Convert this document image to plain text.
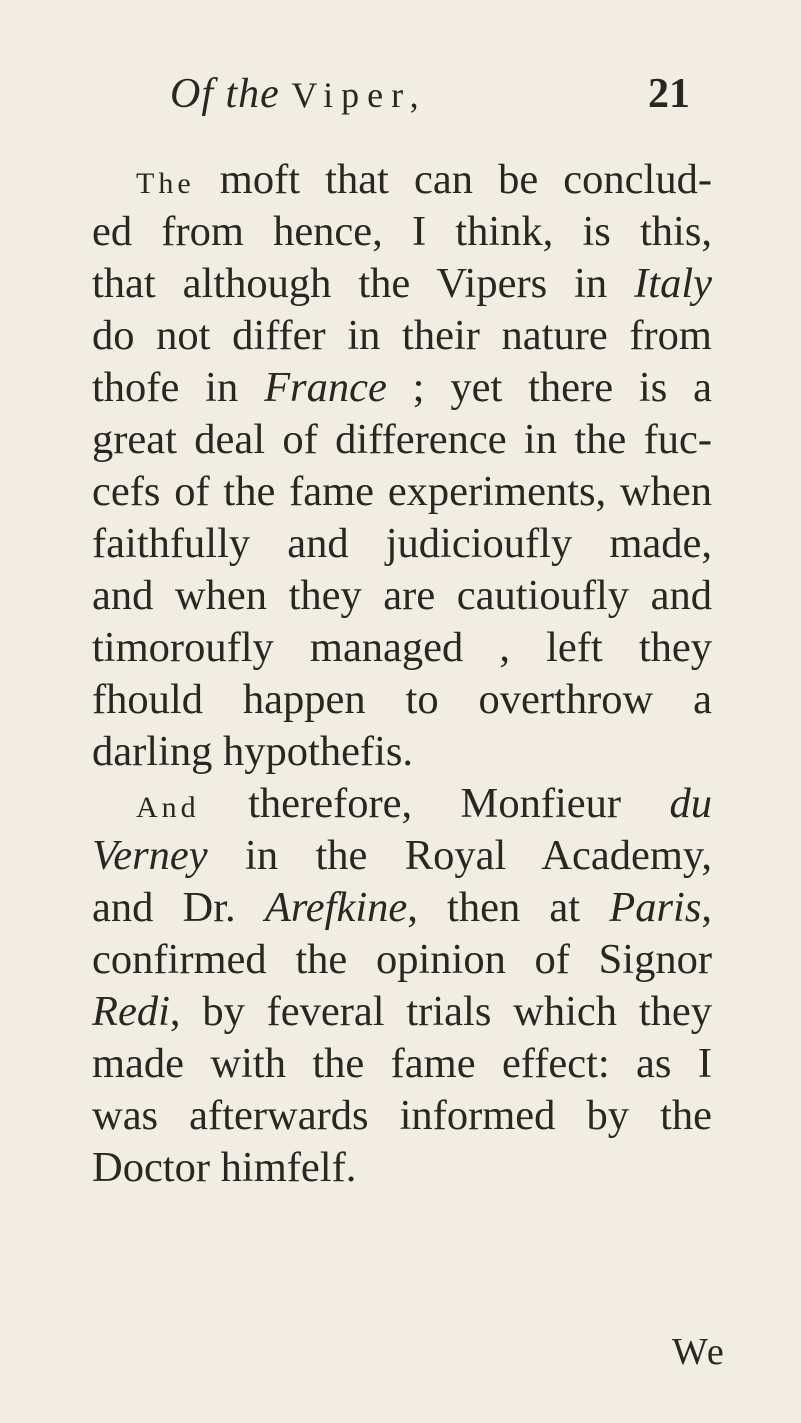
Of the Viper,	21
The moft that can be conclud-
ed from hence, I think, is this,
that although the Vipers in Italy
do not differ in their nature from
thofe in France ; yet there is a
great deal of difference in the fuc-
cefs of the fame experiments, when
faithfully and judicioufly made,
and when they are cautioufly and
timoroufly managed , left they
fhould happen to overthrow a
darling hypothefis.
And therefore, Monfieur du
Verney in the Royal Academy,
and Dr. Arefkine, then at Paris,
confirmed the opinion of Signor
Redi, by feveral trials which they
made with the fame effect: as I
was afterwards informed by the
Doctor himfelf.
We
